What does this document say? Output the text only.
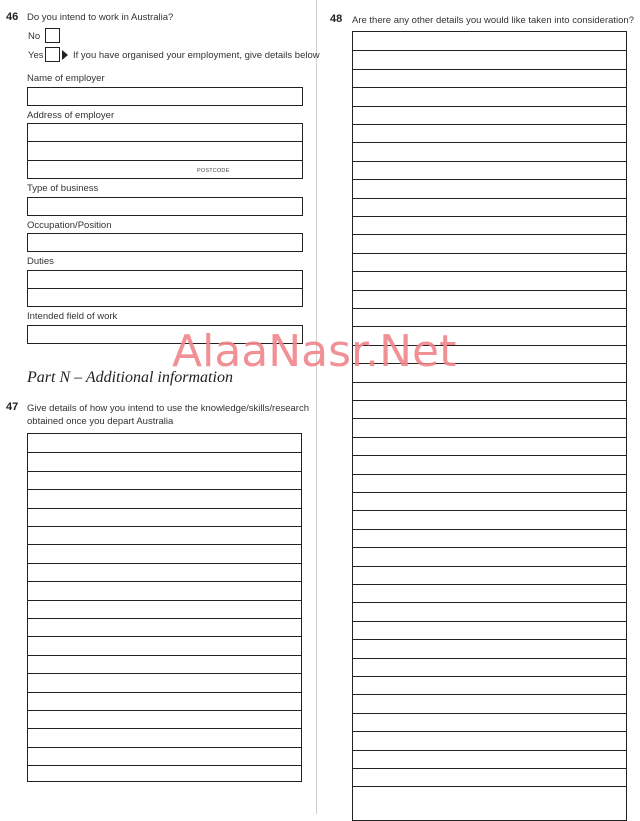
46 Do you intend to work in Australia?
No
Yes	If you have organised your employment, give details below
Name of employer
Address of employer
POSTCODE
Type of business
Occupation/Position
Duties
Intended field of work
Part N – Additional information
47 Give details of how you intend to use the knowledge/skills/research
obtained once you depart Australia
48 Are there any other details you would like taken into consideration?
AlaaNasr.Net
